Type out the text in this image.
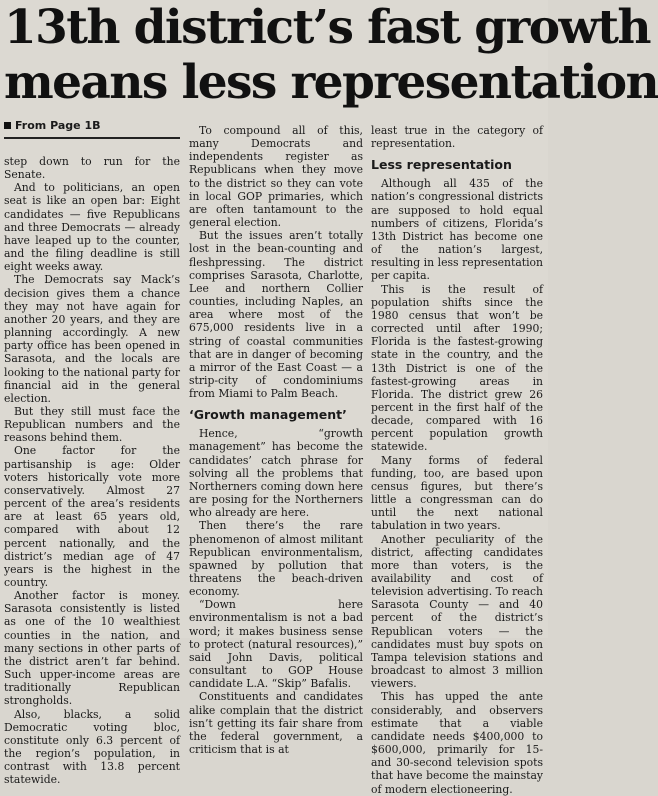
13th district’s fast growth
means less representation
From Page 1B

step down to run for the Senate.

And to politicians, an open seat is like an open bar: Eight candidates — five Republicans and three Democrats — already have leaped up to the counter, and the filing deadline is still eight weeks away.

The Democrats say Mack’s decision gives them a chance they may not have again for another 20 years, and they are planning accordingly. A new party office has been opened in Sarasota, and the locals are looking to the national party for financial aid in the general election.

But they still must face the Republican numbers and the reasons behind them.

One factor for the partisanship is age: Older voters historically vote more conservatively. Almost 27 percent of the area’s residents are at least 65 years old, compared with about 12 percent nationally, and the district’s median age of 47 years is the highest in the country.

Another factor is money. Sarasota consistently is listed as one of the 10 wealthiest counties in the nation, and many sections in other parts of the district aren’t far behind. Such upper-income areas are traditionally Republican strongholds.

Also, blacks, a solid Democratic voting bloc, constitute only 6.3 percent of the region’s population, in contrast with 13.8 percent statewide.

To compound all of this, many Democrats and independents register as Republicans when they move to the district so they can vote in local GOP primaries, which are often tantamount to the general election.

But the issues aren’t totally lost in the bean-counting and fleshpressing. The district comprises Sarasota, Charlotte, Lee and northern Collier counties, including Naples, an area where most of the 675,000 residents live in a string of coastal communities that are in danger of becoming a mirror of the East Coast — a strip-city of condominiums from Miami to Palm Beach.

‘Growth management’

Hence, “growth management” has become the candidates’ catch phrase for solving all the problems that Northerners coming down here are posing for the Northerners who already are here.

Then there’s the rare phenomenon of almost militant Republican environmentalism, spawned by pollution that threatens the beach-driven economy.

“Down here environmentalism is not a bad word; it makes business sense to protect (natural resources),” said John Davis, political consultant to GOP House candidate L.A. “Skip” Bafalis.

Constituents and candidates alike complain that the district isn’t getting its fair share from the federal government, a criticism that is at

least true in the category of representation.

Less representation

Although all 435 of the nation’s congressional districts are supposed to hold equal numbers of citizens, Florida’s 13th District has become one of the nation’s largest, resulting in less representation per capita.

This is the result of population shifts since the 1980 census that won’t be corrected until after 1990; Florida is the fastest-growing state in the country, and the 13th District is one of the fastest-growing areas in Florida. The district grew 26 percent in the first half of the decade, compared with 16 percent population growth statewide.

Many forms of federal funding, too, are based upon census figures, but there’s little a congressman can do until the next national tabulation in two years.

Another peculiarity of the district, affecting candidates more than voters, is the availability and cost of television advertising. To reach Sarasota County — and 40 percent of the district’s Republican voters — the candidates must buy spots on Tampa television stations and broadcast to almost 3 million viewers.

This has upped the ante considerably, and observers estimate that a viable candidate needs $400,000 to $600,000, primarily for 15- and 30-second television spots that have become the mainstay of modern electioneering.
